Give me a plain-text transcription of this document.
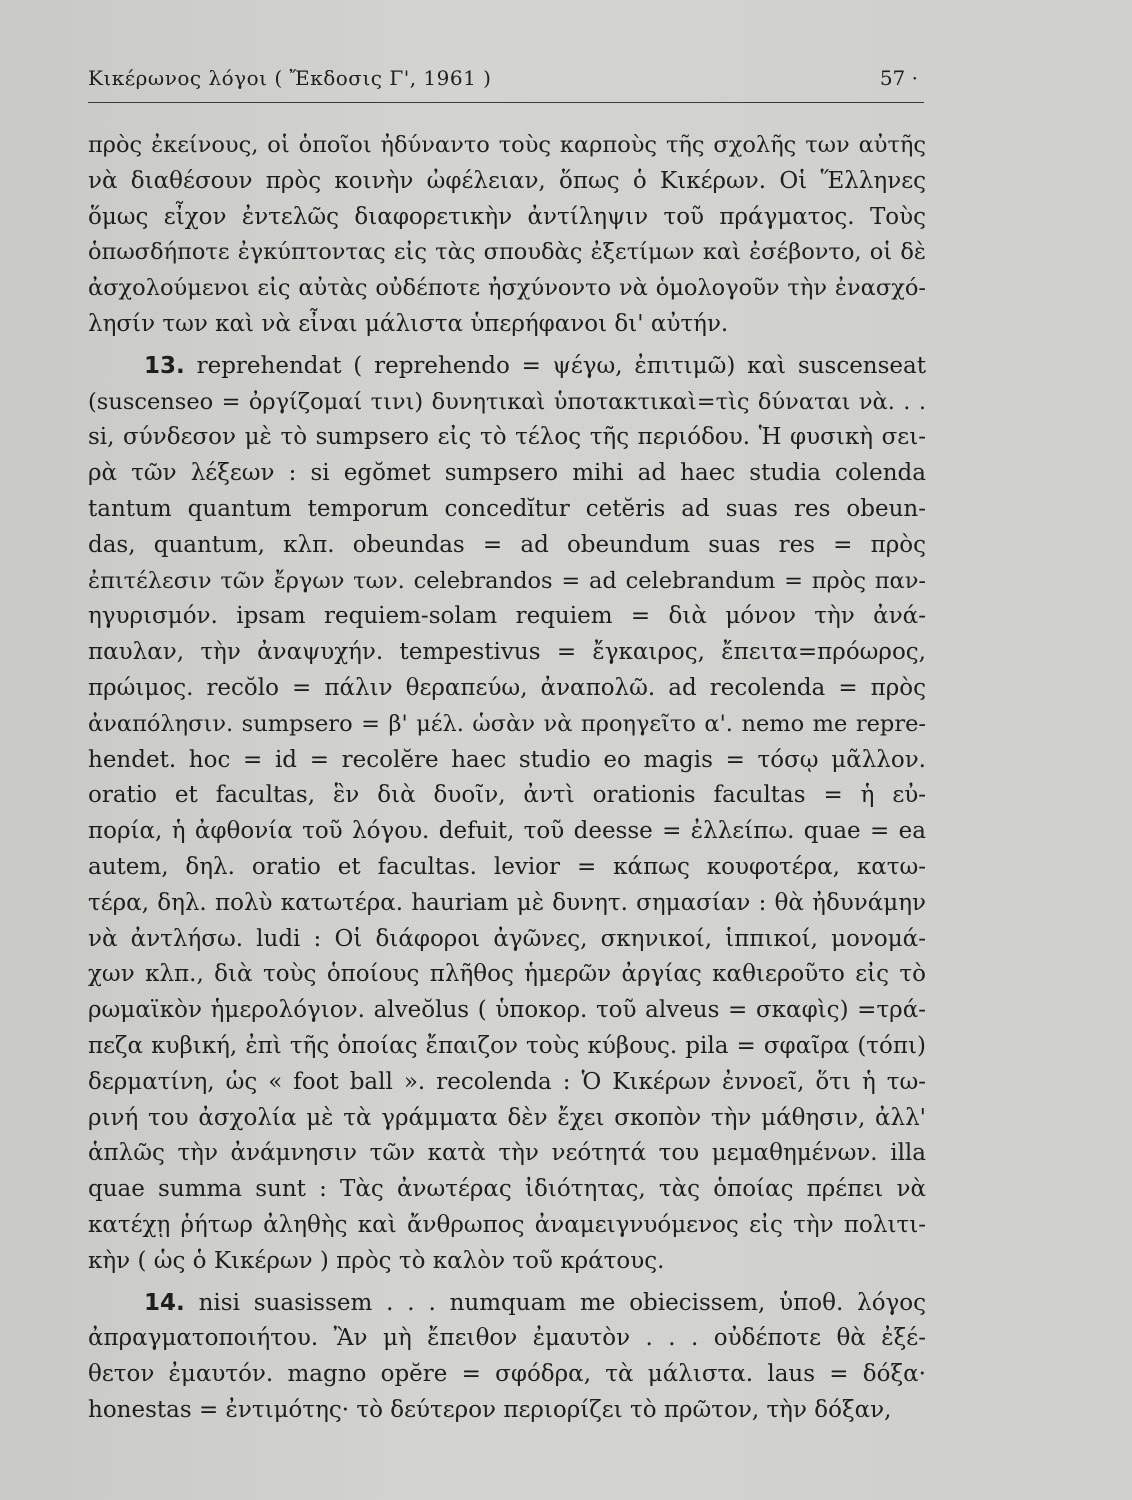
Κικέρωνος λόγοι ( Ἔκδοσις Γ', 1961 )	57 ·
πρὸς ἐκείνους, οἱ ὁποῖοι ἠδύναντο τοὺς καρποὺς τῆς σχολῆς των αὐτῆς
νὰ διαθέσουν πρὸς κοινὴν ὠφέλειαν, ὅπως ὁ Κικέρων. Οἱ Ἕλληνες
ὅμως εἶχον ἐντελῶς διαφορετικὴν ἀντίληψιν τοῦ πράγματος. Τοὺς
ὁπωσδήποτε ἐγκύπτοντας εἰς τὰς σπουδὰς ἐξετίμων καὶ ἐσέβοντο, οἱ δὲ
ἀσχολούμενοι εἰς αὐτὰς οὐδέποτε ἠσχύνοντο νὰ ὁμολογοῦν τὴν ἐνασχό-
λησίν των καὶ νὰ εἶναι μάλιστα ὑπερήφανοι δι' αὐτήν.
13. reprehendat ( reprehendo = ψέγω, ἐπιτιμῶ) καὶ suscenseat
(suscenseo = ὀργίζομαί τινι) δυνητικαὶ ὑποτακτικαὶ=τὶς δύναται νὰ. . .
si, σύνδεσον μὲ τὸ sumpsero εἰς τὸ τέλος τῆς περιόδου. Ἡ φυσικὴ σει-
ρὰ τῶν λέξεων : si egŏmet sumpsero mihi ad haec studia colenda
tantum quantum temporum concedĭtur cetĕris ad suas res obeun-
das, quantum, κλπ. obeundas = ad obeundum suas res = πρὸς
ἐπιτέλεσιν τῶν ἔργων των. celebrandos = ad celebrandum = πρὸς παν-
ηγυρισμόν. ipsam requiem-solam requiem = διὰ μόνον τὴν ἀνά-
παυλαν, τὴν ἀναψυχήν. tempestivus = ἔγκαιρος, ἔπειτα=πρόωρος,
πρώιμος. recŏlo = πάλιν θεραπεύω, ἀναπολῶ. ad recolenda = πρὸς
ἀναπόλησιν. sumpsero = β' μέλ. ὡσὰν νὰ προηγεῖτο α'. nemo me repre-
hendet. hoc = id = recolĕre haec studio eo magis = τόσῳ μᾶλλον.
oratio et facultas, ἓν διὰ δυοῖν, ἀντὶ orationis facultas = ἡ εὐ-
πορία, ἡ ἀφθονία τοῦ λόγου. defuit, τοῦ deesse = ἐλλείπω. quae = ea
autem, δηλ. oratio et facultas. levior = κάπως κουφοτέρα, κατω-
τέρα, δηλ. πολὺ κατωτέρα. hauriam μὲ δυνητ. σημασίαν : θὰ ἠδυνάμην
νὰ ἀντλήσω. ludi : Οἱ διάφοροι ἀγῶνες, σκηνικοί, ἱππικοί, μονομά-
χων κλπ., διὰ τοὺς ὁποίους πλῆθος ἡμερῶν ἀργίας καθιεροῦτο εἰς τὸ
ρωμαϊκὸν ἡμερολόγιον. alveŏlus ( ὑποκορ. τοῦ alveus = σκαφὶς) =τρά-
πεζα κυβική, ἐπὶ τῆς ὁποίας ἔπαιζον τοὺς κύβους. pila = σφαῖρα (τόπι)
δερματίνη, ὡς « foot ball ». recolenda : Ὁ Κικέρων ἐννοεῖ, ὅτι ἡ τω-
ρινή του ἀσχολία μὲ τὰ γράμματα δὲν ἔχει σκοπὸν τὴν μάθησιν, ἀλλ'
ἁπλῶς τὴν ἀνάμνησιν τῶν κατὰ τὴν νεότητά του μεμαθημένων. illa
quae summa sunt : Τὰς ἀνωτέρας ἰδιότητας, τὰς ὁποίας πρέπει νὰ
κατέχῃ ῥήτωρ ἀληθὴς καὶ ἄνθρωπος ἀναμειγνυόμενος εἰς τὴν πολιτι-
κὴν ( ὡς ὁ Κικέρων ) πρὸς τὸ καλὸν τοῦ κράτους.
14. nisi suasissem . . . numquam me obiecissem, ὑποθ. λόγος
ἀπραγματοποιήτου. Ἂν μὴ ἔπειθον ἐμαυτὸν . . . οὐδέποτε θὰ ἐξέ-
θετον ἐμαυτόν. magno opĕre = σφόδρα, τὰ μάλιστα. laus = δόξα·
honestas = ἐντιμότης· τὸ δεύτερον περιορίζει τὸ πρῶτον, τὴν δόξαν,
